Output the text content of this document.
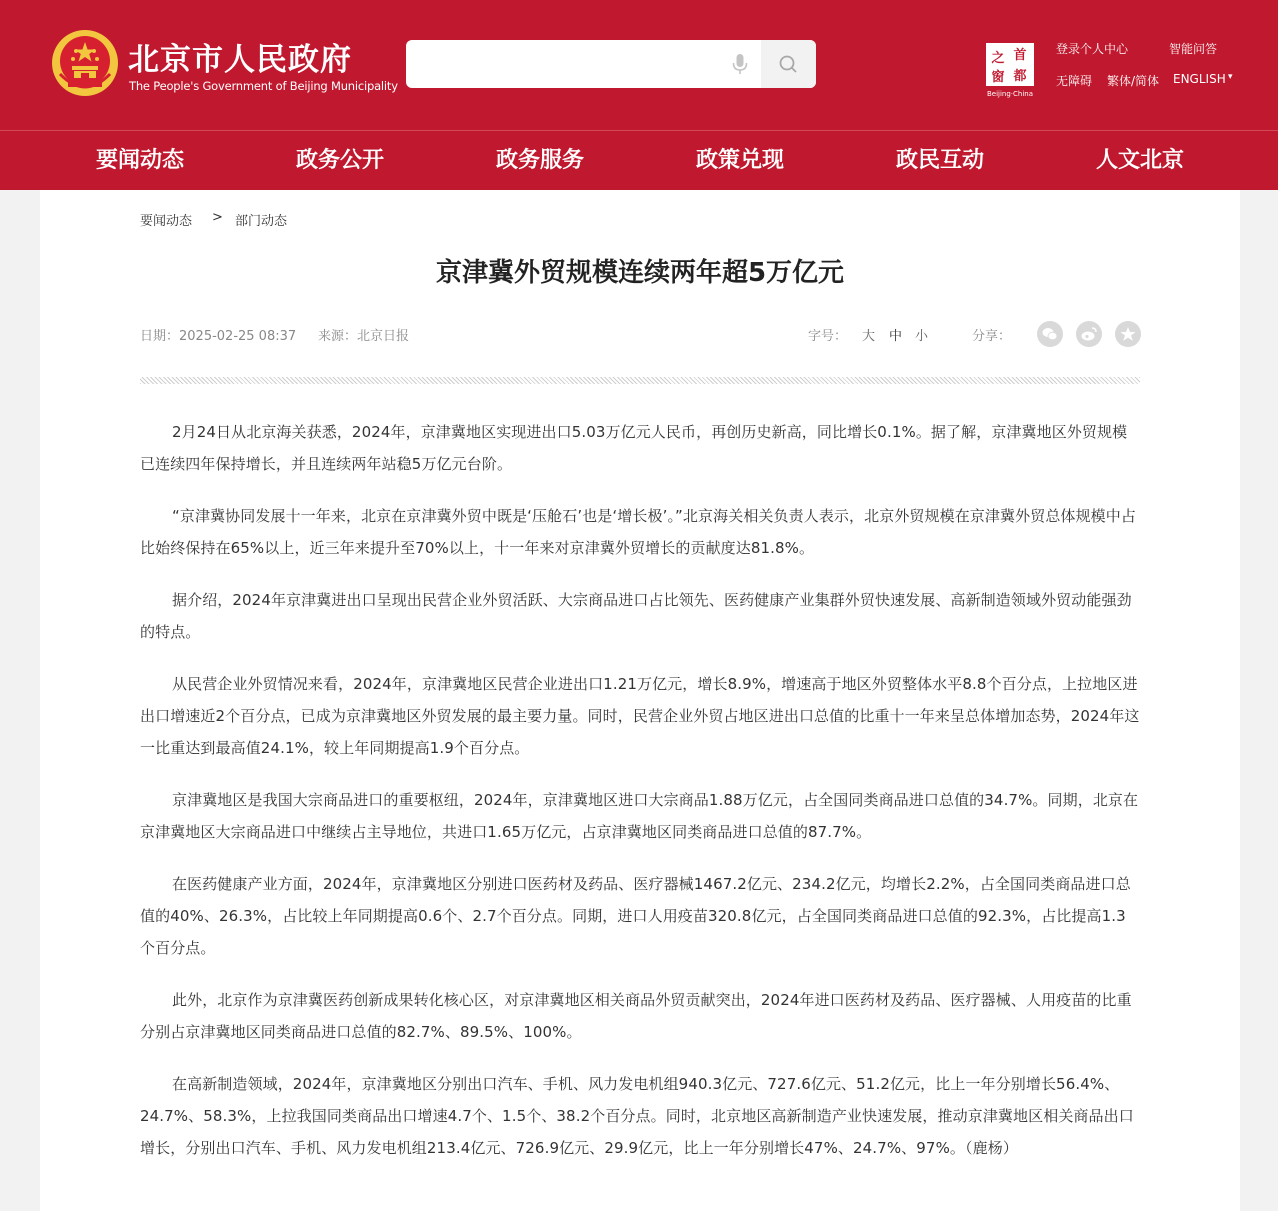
北京市人民政府
The People's Government of Beijing Municipality
之 首
窗 都
Beijing·China
登录个人中心	智能问答
无障碍 繁体/简体 ENGLISH ▾
要闻动态	政务公开	政务服务	政策兑现	政民互动	人文北京
要闻动态 > 部门动态
京津冀外贸规模连续两年超5万亿元
日期：2025-02-25 08:37 来源：北京日报	字号： 大 中 小	分享：

2月24日从北京海关获悉，2024年，京津冀地区实现进出口5.03万亿元人民币，再创历史新高，同比增长0.1%。据了解，京津冀地区外贸规模已连续四年保持增长，并且连续两年站稳5万亿元台阶。

“京津冀协同发展十一年来，北京在京津冀外贸中既是‘压舱石’也是‘增长极’。”北京海关相关负责人表示，北京外贸规模在京津冀外贸总体规模中占比始终保持在65%以上，近三年来提升至70%以上，十一年来对京津冀外贸增长的贡献度达81.8%。

据介绍，2024年京津冀进出口呈现出民营企业外贸活跃、大宗商品进口占比领先、医药健康产业集群外贸快速发展、高新制造领域外贸动能强劲的特点。

从民营企业外贸情况来看，2024年，京津冀地区民营企业进出口1.21万亿元，增长8.9%，增速高于地区外贸整体水平8.8个百分点，上拉地区进出口增速近2个百分点，已成为京津冀地区外贸发展的最主要力量。同时，民营企业外贸占地区进出口总值的比重十一年来呈总体增加态势，2024年这一比重达到最高值24.1%，较上年同期提高1.9个百分点。

京津冀地区是我国大宗商品进口的重要枢纽，2024年，京津冀地区进口大宗商品1.88万亿元，占全国同类商品进口总值的34.7%。同期，北京在京津冀地区大宗商品进口中继续占主导地位，共进口1.65万亿元，占京津冀地区同类商品进口总值的87.7%。

在医药健康产业方面，2024年，京津冀地区分别进口医药材及药品、医疗器械1467.2亿元、234.2亿元，均增长2.2%，占全国同类商品进口总值的40%、26.3%，占比较上年同期提高0.6个、2.7个百分点。同期，进口人用疫苗320.8亿元，占全国同类商品进口总值的92.3%，占比提高1.3个百分点。

此外，北京作为京津冀医药创新成果转化核心区，对京津冀地区相关商品外贸贡献突出，2024年进口医药材及药品、医疗器械、人用疫苗的比重分别占京津冀地区同类商品进口总值的82.7%、89.5%、100%。

在高新制造领域，2024年，京津冀地区分别出口汽车、手机、风力发电机组940.3亿元、727.6亿元、51.2亿元，比上一年分别增长56.4%、24.7%、58.3%，上拉我国同类商品出口增速4.7个、1.5个、38.2个百分点。同时，北京地区高新制造产业快速发展，推动京津冀地区相关商品出口增长，分别出口汽车、手机、风力发电机组213.4亿元、726.9亿元、29.9亿元，比上一年分别增长47%、24.7%、97%。（鹿杨）
